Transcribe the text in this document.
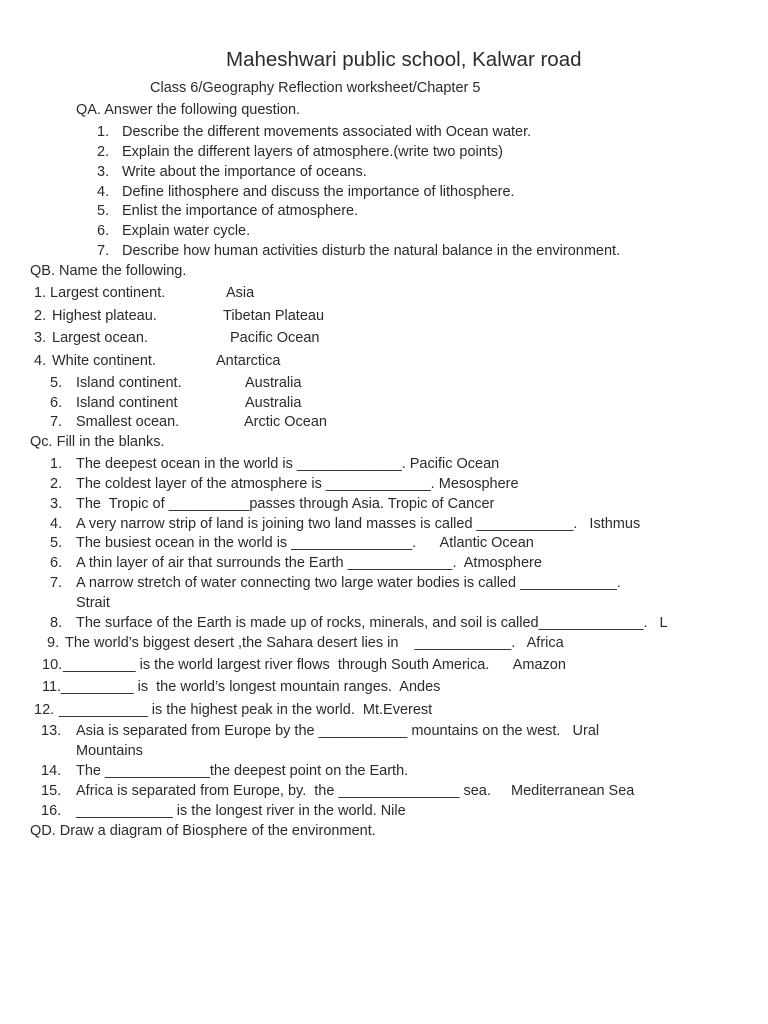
Maheshwari public school, Kalwar road
Class 6/Geography Reflection worksheet/Chapter 5
QA. Answer the following question.
1. Describe the different movements associated with Ocean water.
2. Explain the different layers of atmosphere.(write two points)
3. Write about the importance of oceans.
4. Define lithosphere and discuss the importance of lithosphere.
5. Enlist the importance of atmosphere.
6. Explain water cycle.
7. Describe how human activities disturb the natural balance in the environment.
QB. Name the following.
1. Largest continent.	Asia
2. Highest plateau.	Tibetan Plateau
3. Largest ocean.	Pacific Ocean
4. White continent.	Antarctica
5. Island continent.	Australia
6. Island continent	Australia
7. Smallest ocean.	Arctic Ocean
Qc. Fill in the blanks.
1. The deepest ocean in the world is _____________. Pacific Ocean
2. The coldest layer of the atmosphere is _____________. Mesosphere
3. The  Tropic of __________passes through Asia. Tropic of Cancer
4. A very narrow strip of land is joining two land masses is called ____________.   Isthmus
5. The busiest ocean in the world is _______________.      Atlantic Ocean
6. A thin layer of air that surrounds the Earth _____________.  Atmosphere
7. A narrow stretch of water connecting two large water bodies is called ____________.
Strait
8. The surface of the Earth is made up of rocks, minerals, and soil is called_____________.   L
9. The world’s biggest desert ,the Sahara desert lies in    ____________.   Africa
10. _________ is the world largest river flows  through South America.      Amazon
11. _________ is  the world’s longest mountain ranges.  Andes
12. ___________ is the highest peak in the world.  Mt.Everest
13. Asia is separated from Europe by the ___________ mountains on the west.   Ural
Mountains
14. The _____________the deepest point on the Earth.
15. Africa is separated from Europe, by.  the _______________ sea.     Mediterranean Sea
16. ____________ is the longest river in the world. Nile
QD. Draw a diagram of Biosphere of the environment.
